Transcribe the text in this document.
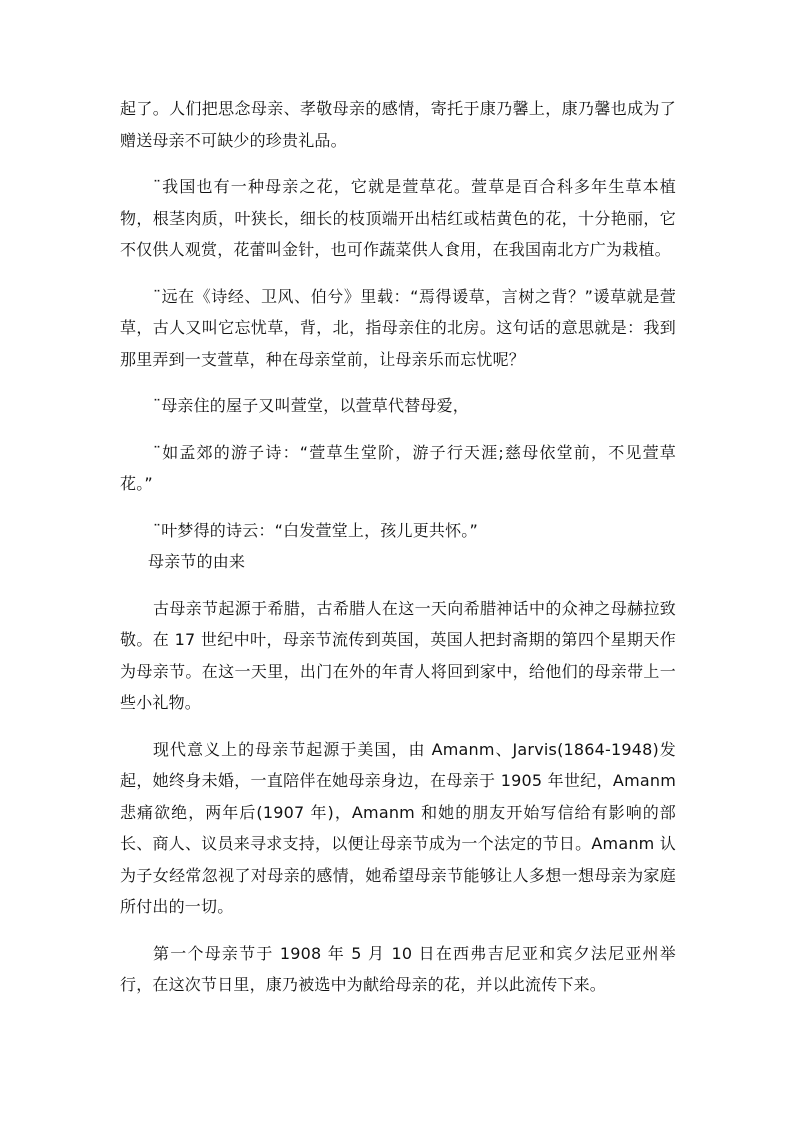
起了。人们把思念母亲、孝敬母亲的感情，寄托于康乃馨上，康乃馨也成为了赠送母亲不可缺少的珍贵礼品。

¨我国也有一种母亲之花，它就是萱草花。萱草是百合科多年生草本植物，根茎肉质，叶狭长，细长的枝顶端开出桔红或桔黄色的花，十分艳丽，它不仅供人观赏，花蕾叫金针，也可作蔬菜供人食用，在我国南北方广为栽植。

¨远在《诗经、卫风、伯兮》里载：“焉得谖草，言树之背？”谖草就是萱草，古人又叫它忘忧草，背，北，指母亲住的北房。这句话的意思就是：我到那里弄到一支萱草，种在母亲堂前，让母亲乐而忘忧呢？

¨母亲住的屋子又叫萱堂，以萱草代替母爱，

¨如孟郊的游子诗：“萱草生堂阶，游子行天涯;慈母依堂前，不见萱草花。”

¨叶梦得的诗云：“白发萱堂上，孩儿更共怀。”

母亲节的由来

古母亲节起源于希腊，古希腊人在这一天向希腊神话中的众神之母赫拉致敬。在 17 世纪中叶，母亲节流传到英国，英国人把封斋期的第四个星期天作为母亲节。在这一天里，出门在外的年青人将回到家中，给他们的母亲带上一些小礼物。

现代意义上的母亲节起源于美国，由 Amanm、Jarvis(1864-1948)发起，她终身未婚，一直陪伴在她母亲身边，在母亲于 1905 年世纪，Amanm 悲痛欲绝，两年后(1907 年)，Amanm 和她的朋友开始写信给有影响的部长、商人、议员来寻求支持，以便让母亲节成为一个法定的节日。Amanm 认为子女经常忽视了对母亲的感情，她希望母亲节能够让人多想一想母亲为家庭所付出的一切。

第一个母亲节于 1908 年 5 月 10 日在西弗吉尼亚和宾夕法尼亚州举行，在这次节日里，康乃被选中为献给母亲的花，并以此流传下来。
